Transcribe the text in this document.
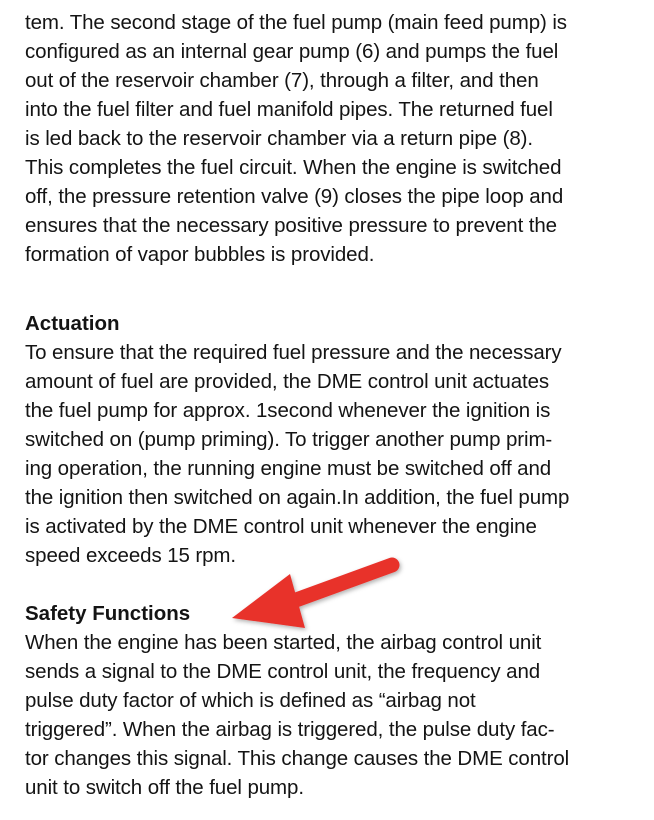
tem. The second stage of the fuel pump (main feed pump) is
configured as an internal gear pump (6) and pumps the fuel
out of the reservoir chamber (7), through a filter, and then
into the fuel filter and fuel manifold pipes. The returned fuel
is led back to the reservoir chamber via a return pipe (8).
This completes the fuel circuit. When the engine is switched
off, the pressure retention valve (9) closes the pipe loop and
ensures that the necessary positive pressure to prevent the
formation of vapor bubbles is provided.
Actuation
To ensure that the required fuel pressure and the necessary
amount of fuel are provided, the DME control unit actuates
the fuel pump for approx. 1second whenever the ignition is
switched on (pump priming). To trigger another pump prim-
ing operation, the running engine must be switched off and
the ignition then switched on again.In addition, the fuel pump
is activated by the DME control unit whenever the engine
speed exceeds 15 rpm.
Safety Functions
When the engine has been started, the airbag control unit
sends a signal to the DME control unit, the frequency and
pulse duty factor of which is defined as “airbag not
triggered”. When the airbag is triggered, the pulse duty fac-
tor changes this signal. This change causes the DME control
unit to switch off the fuel pump.
